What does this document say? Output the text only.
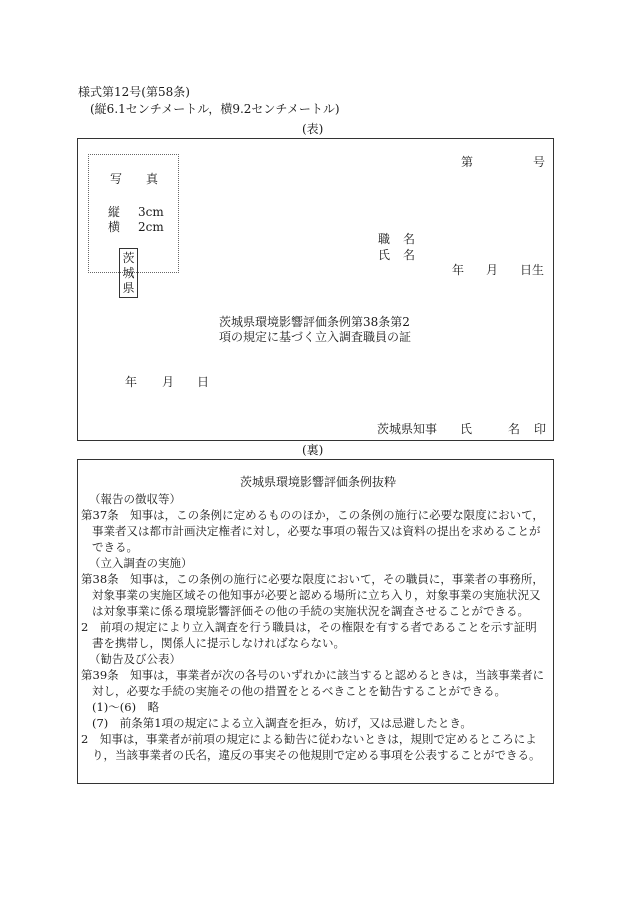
様式第12号(第58条)
(縦6.1センチメートル，横9.2センチメートル)
(表)
第	号
写 真
縦 3cm
横 2cm
茨
城
県
職 名
氏 名
年 月 日生
茨城県環境影響評価条例第38条第2
項の規定に基づく立入調査職員の証
年 月 日
茨城県知事 氏	名 印
(裏)
茨城県環境影響評価条例抜粋
（報告の徴収等）
第37条　知事は，この条例に定めるもののほか，この条例の施行に必要な限度において，
事業者又は都市計画決定権者に対し，必要な事項の報告又は資料の提出を求めることが
できる。
（立入調査の実施）
第38条　知事は，この条例の施行に必要な限度において，その職員に，事業者の事務所，
対象事業の実施区域その他知事が必要と認める場所に立ち入り，対象事業の実施状況又
は対象事業に係る環境影響評価その他の手続の実施状況を調査させることができる。
2　前項の規定により立入調査を行う職員は，その権限を有する者であることを示す証明
書を携帯し，関係人に提示しなければならない。
（勧告及び公表）
第39条　知事は，事業者が次の各号のいずれかに該当すると認めるときは，当該事業者に
対し，必要な手続の実施その他の措置をとるべきことを勧告することができる。
(1)～(6)　略
(7)　前条第1項の規定による立入調査を拒み，妨げ，又は忌避したとき。
2　知事は，事業者が前項の規定による勧告に従わないときは，規則で定めるところによ
り，当該事業者の氏名，違反の事実その他規則で定める事項を公表することができる。
